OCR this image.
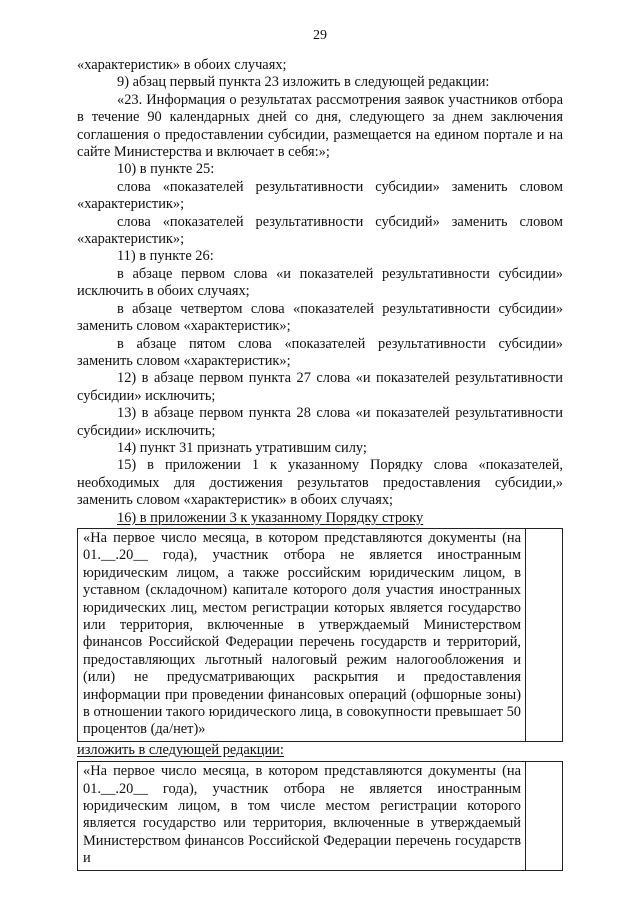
29

«характеристик» в обоих случаях;

9) абзац первый пункта 23 изложить в следующей редакции:

«23. Информация о результатах рассмотрения заявок участников отбора в течение 90 календарных дней со дня, следующего за днем заключения соглашения о предоставлении субсидии, размещается на едином портале и на сайте Министерства и включает в себя:»;

10) в пункте 25:

слова «показателей результативности субсидии» заменить словом «характеристик»;

слова «показателей результативности субсидий» заменить словом «характеристик»;

11) в пункте 26:

в абзаце первом слова «и показателей результативности субсидии» исключить в обоих случаях;

в абзаце четвертом слова «показателей результативности субсидии» заменить словом «характеристик»;

в абзаце пятом слова «показателей результативности субсидии» заменить словом «характеристик»;

12) в абзаце первом пункта 27 слова «и показателей результативности субсидии» исключить;

13) в абзаце первом пункта 28 слова «и показателей результативности субсидии» исключить;

14) пункт 31 признать утратившим силу;

15) в приложении 1 к указанному Порядку слова «показателей, необходимых для достижения результатов предоставления субсидии,» заменить словом «характеристик» в обоих случаях;

16) в приложении 3 к указанному Порядку строку

«На первое число месяца, в котором представляются документы (на 01.__.20__ года), участник отбора не является иностранным юридическим лицом, а также российским юридическим лицом, в уставном (складочном) капитале которого доля участия иностранных юридических лиц, местом регистрации которых является государство или территория, включенные в утверждаемый Министерством финансов Российской Федерации перечень государств и территорий, предоставляющих льготный налоговый режим налогообложения и (или) не предусматривающих раскрытия и предоставления информации при проведении финансовых операций (офшорные зоны) в отношении такого юридического лица, в совокупности превышает 50 процентов (да/нет)»

изложить в следующей редакции:

«На первое число месяца, в котором представляются документы (на 01.__.20__ года), участник отбора не является иностранным юридическим лицом, в том числе местом регистрации которого является государство или территория, включенные в утверждаемый Министерством финансов Российской Федерации перечень государств и
